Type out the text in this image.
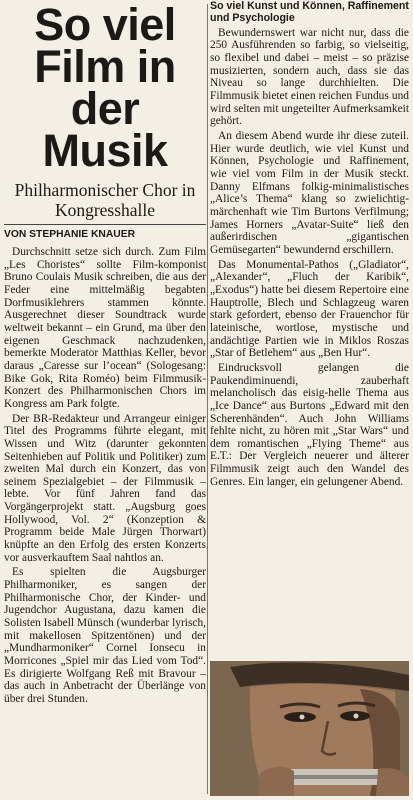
So viel Film in der Musik
Philharmonischer Chor in Kongresshalle
VON STEPHANIE KNAUER

Durchschnitt setze sich durch. Zum Film „Les Choristes“ sollte Film-komponist Bruno Coulais Musik schreiben, die aus der Feder eine mittelmäßig begabten Dorfmusiklehrers stammen könnte. Ausgerechnet dieser Soundtrack wurde weltweit bekannt – ein Grund, ma über den eigenen Geschmack nachzudenken, bemerkte Moderator Matthias Keller, bevor daraus „Caresse sur l’ocean“ (Sologesang: Bike Gok, Rita Roméo) beim Filmmusik-Konzert des Philharmonischen Chors im Kongress am Park folgte.

Der BR-Redakteur und Arrangeur einiger Titel des Programms führte elegant, mit Wissen und Witz (darunter gekonnten Seitenhieben auf Politik und Politiker) zum zweiten Mal durch ein Konzert, das von seinem Spezialgebiet – der Filmmusik – lebte. Vor fünf Jahren fand das Vorgängerprojekt statt. „Augsburg goes Hollywood, Vol. 2“ (Konzeption & Programm beide Male Jürgen Thorwart) knüpfte an den Erfolg des ersten Konzerts vor ausverkauftem Saal nahtlos an.

Es spielten die Augsburger Philharmoniker, es sangen der Philharmonische Chor, der Kinder- und Jugendchor Augustana, dazu kamen die Solisten Isabell Münsch (wunderbar lyrisch, mit makellosen Spitzentönen) und der „Mundharmoniker“ Cornel Ionsecu in Morricones „Spiel mir das Lied vom Tod“. Es dirigierte Wolfgang Reß mit Bravour – das auch in Anbetracht der Überlänge von über drei Stunden.

So viel Kunst und Können, Raffinement und Psychologie

Bewundernswert war nicht nur, dass die 250 Ausführenden so farbig, so vielseitig, so flexibel und dabei – meist – so präzise musizierten, sondern auch, dass sie das Niveau so lange durchhielten. Die Filmmusik bietet einen reichen Fundus und wird selten mit ungeteilter Aufmerksamkeit gehört.

An diesem Abend wurde ihr diese zuteil. Hier wurde deutlich, wie viel Kunst und Können, Psychologie und Raffinement, wie viel vom Film in der Musik steckt. Danny Elfmans folkig-minimalistisches „Alice’s Thema“ klang so zwielichtig-märchenhaft wie Tim Burtons Verfilmung; James Horners „Avatar-Suite“ ließ den außerirdischen „gigantischen Gemüsegarten“ bewundernd erschillern.

Das Monumental-Pathos („Gladiator“, „Alexander“, „Fluch der Karibik“, „Exodus“) hatte bei diesem Repertoire eine Hauptrolle, Blech und Schlagzeug waren stark gefordert, ebenso der Frauenchor für lateinische, wortlose, mystische und andächtige Partien wie in Miklos Roszas „Star of Betlehem“ aus „Ben Hur“.

Eindrucksvoll gelangen die Paukendiminuendi, zauberhaft melancholisch das eisig-helle Thema aus „Ice Dance“ aus Burtons „Edward mit den Scherenhänden“. Auch John Williams fehlte nicht, zu hören mit „Star Wars“ und dem romantischen „Flying Theme“ aus E.T.: Der Vergleich neuerer und älterer Filmmusik zeigt auch den Wandel des Genres. Ein langer, ein gelungener Abend.
